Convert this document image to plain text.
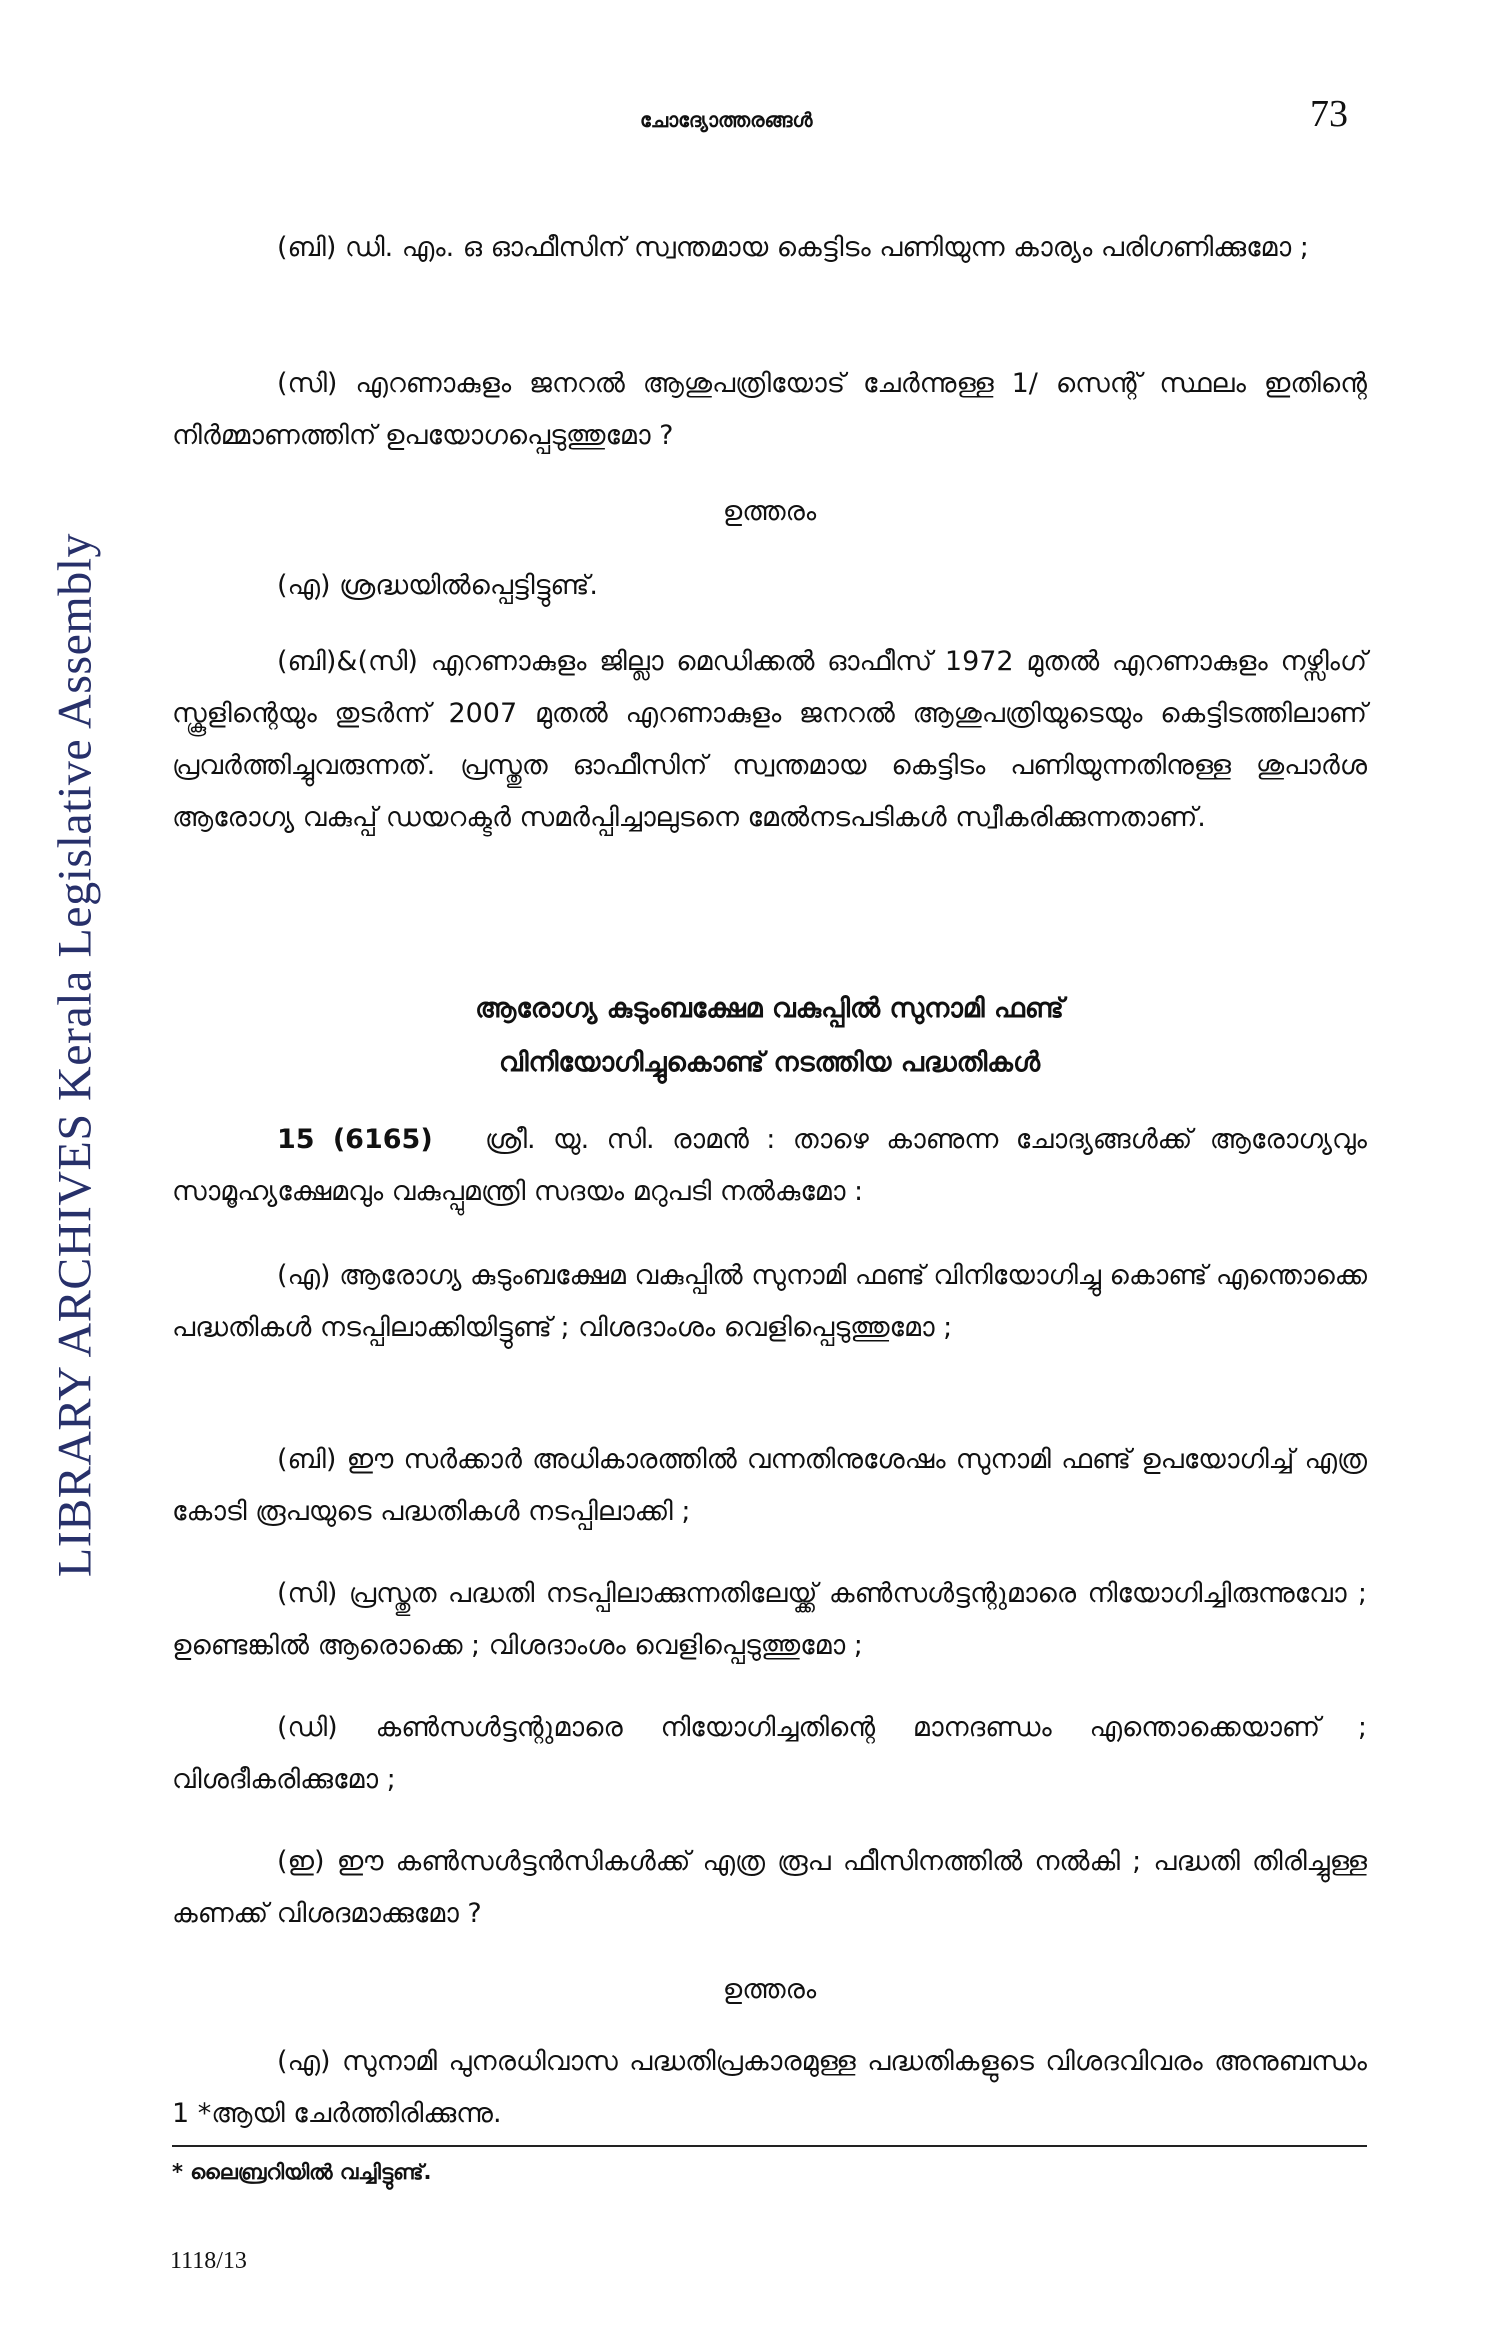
LIBRARY ARCHIVES Kerala Legislative Assembly
ചോദ്യോത്തരങ്ങൾ	73
(ബി) ഡി. എം. ഒ ഓഫീസിന് സ്വന്തമായ കെട്ടിടം പണിയുന്ന കാര്യം പരിഗണിക്കുമോ ;
(സി) എറണാകുളം ജനറൽ ആശുപത്രിയോട് ചേർന്നുള്ള 1/ സെന്റ് സ്ഥലം ഇതിന്റെ നിർമ്മാണത്തിന് ഉപയോഗപ്പെടുത്തുമോ ?
ഉത്തരം
(എ) ശ്രദ്ധയിൽപ്പെട്ടിട്ടുണ്ട്.
(ബി)&(സി) എറണാകുളം ജില്ലാ മെഡിക്കൽ ഓഫീസ് 1972 മുതൽ എറണാകുളം നഴ്സിംഗ് സ്കൂളിന്റെയും തുടർന്ന് 2007 മുതൽ എറണാകുളം ജനറൽ ആശുപത്രിയുടെയും കെട്ടിടത്തിലാണ് പ്രവർത്തിച്ചുവരുന്നത്. പ്രസ്തുത ഓഫീസിന് സ്വന്തമായ കെട്ടിടം പണിയുന്നതിനുള്ള ശുപാർശ ആരോഗ്യ വകുപ്പ് ഡയറക്ടർ സമർപ്പിച്ചാലുടനെ മേൽനടപടികൾ സ്വീകരിക്കുന്നതാണ്.
ആരോഗ്യ കുടുംബക്ഷേമ വകുപ്പിൽ സുനാമി ഫണ്ട്
വിനിയോഗിച്ചുകൊണ്ട് നടത്തിയ പദ്ധതികൾ
15 (6165) ശ്രീ. യു. സി. രാമൻ : താഴെ കാണുന്ന ചോദ്യങ്ങൾക്ക് ആരോഗ്യവും സാമൂഹ്യക്ഷേമവും വകുപ്പുമന്ത്രി സദയം മറുപടി നൽകുമോ :
(എ) ആരോഗ്യ കുടുംബക്ഷേമ വകുപ്പിൽ സുനാമി ഫണ്ട് വിനിയോഗിച്ചു കൊണ്ട് എന്തൊക്കെ പദ്ധതികൾ നടപ്പിലാക്കിയിട്ടുണ്ട് ; വിശദാംശം വെളിപ്പെടുത്തുമോ ;
(ബി) ഈ സർക്കാർ അധികാരത്തിൽ വന്നതിനുശേഷം സുനാമി ഫണ്ട് ഉപയോഗിച്ച് എത്ര കോടി രൂപയുടെ പദ്ധതികൾ നടപ്പിലാക്കി ;
(സി) പ്രസ്തുത പദ്ധതി നടപ്പിലാക്കുന്നതിലേയ്ക്ക് കൺസൾട്ടന്റുമാരെ നിയോഗിച്ചിരുന്നുവോ ; ഉണ്ടെങ്കിൽ ആരൊക്കെ ; വിശദാംശം വെളിപ്പെടുത്തുമോ ;
(ഡി) കൺസൾട്ടന്റുമാരെ നിയോഗിച്ചതിന്റെ മാനദണ്ഡം എന്തൊക്കെയാണ് ; വിശദീകരിക്കുമോ ;
(ഇ) ഈ കൺസൾട്ടൻസികൾക്ക് എത്ര രൂപ ഫീസിനത്തിൽ നൽകി ; പദ്ധതി തിരിച്ചുള്ള കണക്ക് വിശദമാക്കുമോ ?
ഉത്തരം
(എ) സുനാമി പുനരധിവാസ പദ്ധതിപ്രകാരമുള്ള പദ്ധതികളുടെ വിശദവിവരം അനുബന്ധം 1 *ആയി ചേർത്തിരിക്കുന്നു.
* ലൈബ്രറിയിൽ വച്ചിട്ടുണ്ട്.
1118/13
